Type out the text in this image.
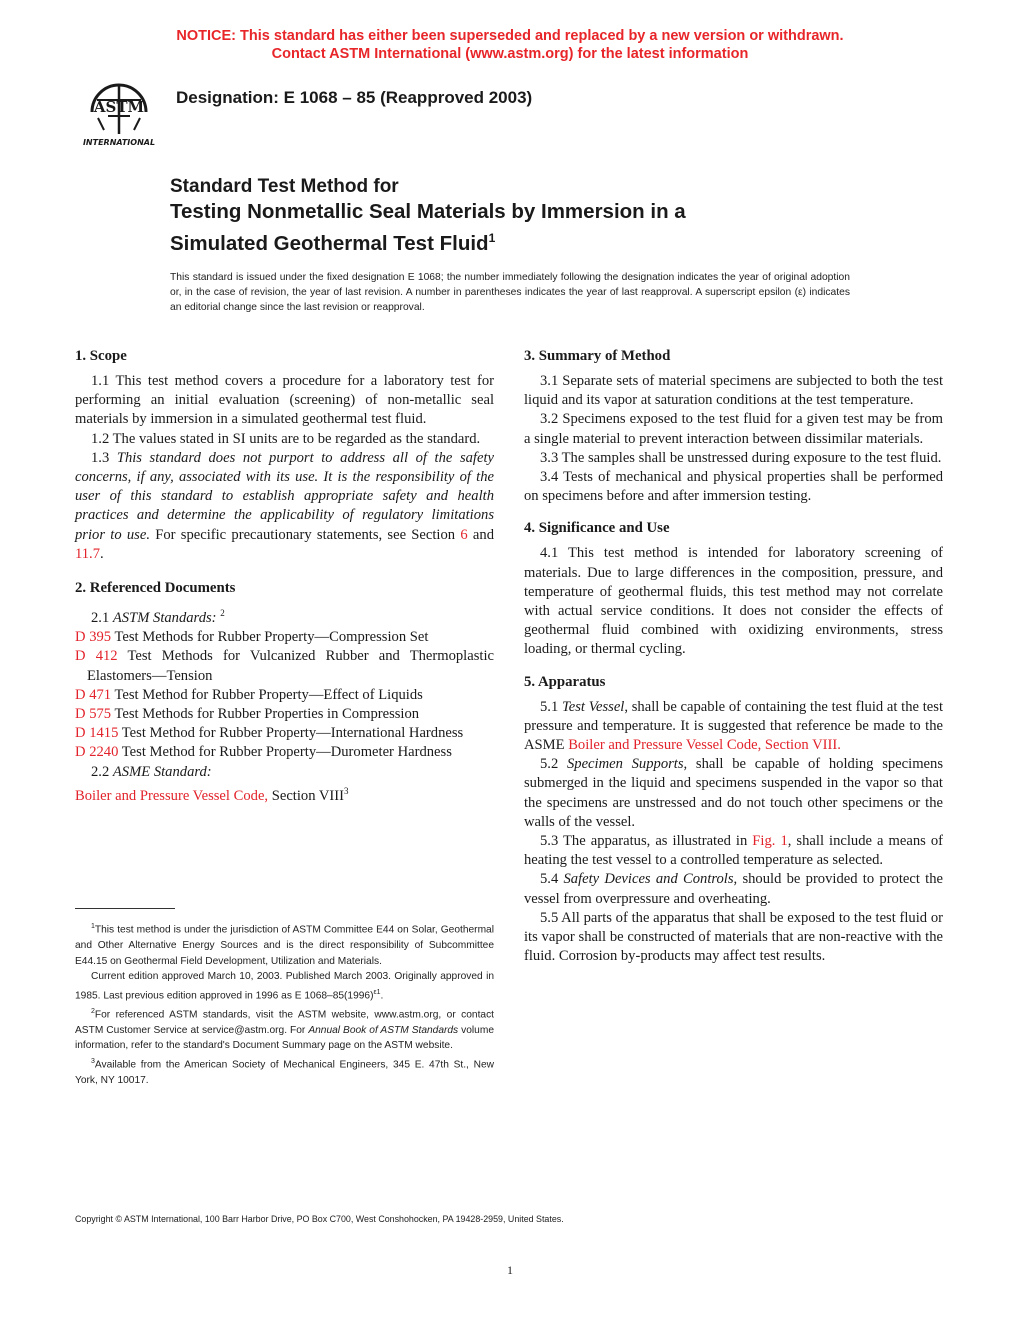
NOTICE: This standard has either been superseded and replaced by a new version or withdrawn.
Contact ASTM International (www.astm.org) for the latest information
ASTM
INTERNATIONAL
Designation: E 1068 – 85 (Reapproved 2003)
Standard Test Method for
Testing Nonmetallic Seal Materials by Immersion in a
Simulated Geothermal Test Fluid$^1$
This standard is issued under the fixed designation E 1068; the number immediately following the designation indicates the year of original adoption or, in the case of revision, the year of last revision. A number in parentheses indicates the year of last reapproval. A superscript epsilon (ε) indicates an editorial change since the last revision or reapproval.
1. Scope

1.1 This test method covers a procedure for a laboratory test for performing an initial evaluation (screening) of non-metallic seal materials by immersion in a simulated geothermal test fluid.

1.2 The values stated in SI units are to be regarded as the standard.

1.3 This standard does not purport to address all of the safety concerns, if any, associated with its use. It is the responsibility of the user of this standard to establish appropriate safety and health practices and determine the applicability of regulatory limitations prior to use. For specific precautionary statements, see Section 6 and 11.7.

2. Referenced Documents

2.1 ASTM Standards: $^2$

D 395 Test Methods for Rubber Property—Compression Set
D 412 Test Methods for Vulcanized Rubber and Thermoplastic Elastomers—Tension
D 471 Test Method for Rubber Property—Effect of Liquids
D 575 Test Methods for Rubber Properties in Compression
D 1415 Test Method for Rubber Property—International Hardness
D 2240 Test Method for Rubber Property—Durometer Hardness

2.2 ASME Standard:

Boiler and Pressure Vessel Code, Section VIII$^3$

$^1$This test method is under the jurisdiction of ASTM Committee E44 on Solar, Geothermal and Other Alternative Energy Sources and is the direct responsibility of Subcommittee E44.15 on Geothermal Field Development, Utilization and Materials.

Current edition approved March 10, 2003. Published March 2003. Originally approved in 1985. Last previous edition approved in 1996 as E $1068-85(1996)^{\varepsilon 1}$.

$^2$For referenced ASTM standards, visit the ASTM website, www.astm.org, or contact ASTM Customer Service at service@astm.org. For Annual Book of ASTM Standards volume information, refer to the standard's Document Summary page on the ASTM website.

$^3$Available from the American Society of Mechanical Engineers, 345 E. 47th St., New York, NY 10017.

3. Summary of Method

3.1 Separate sets of material specimens are subjected to both the test liquid and its vapor at saturation conditions at the test temperature.

3.2 Specimens exposed to the test fluid for a given test may be from a single material to prevent interaction between dissimilar materials.

3.3 The samples shall be unstressed during exposure to the test fluid.

3.4 Tests of mechanical and physical properties shall be performed on specimens before and after immersion testing.

4. Significance and Use

4.1 This test method is intended for laboratory screening of materials. Due to large differences in the composition, pressure, and temperature of geothermal fluids, this test method may not correlate with actual service conditions. It does not consider the effects of geothermal fluid combined with oxidizing environments, stress loading, or thermal cycling.

5. Apparatus

5.1 Test Vessel, shall be capable of containing the test fluid at the test pressure and temperature. It is suggested that reference be made to the ASME Boiler and Pressure Vessel Code, Section VIII.

5.2 Specimen Supports, shall be capable of holding specimens submerged in the liquid and specimens suspended in the vapor so that the specimens are unstressed and do not touch other specimens or the walls of the vessel.

5.3 The apparatus, as illustrated in Fig. 1, shall include a means of heating the test vessel to a controlled temperature as selected.

5.4 Safety Devices and Controls, should be provided to protect the vessel from overpressure and overheating.

5.5 All parts of the apparatus that shall be exposed to the test fluid or its vapor shall be constructed of materials that are non-reactive with the fluid. Corrosion by-products may affect test results.

Copyright © ASTM International, 100 Barr Harbor Drive, PO Box C700, West Conshohocken, PA 19428-2959, United States.
1
